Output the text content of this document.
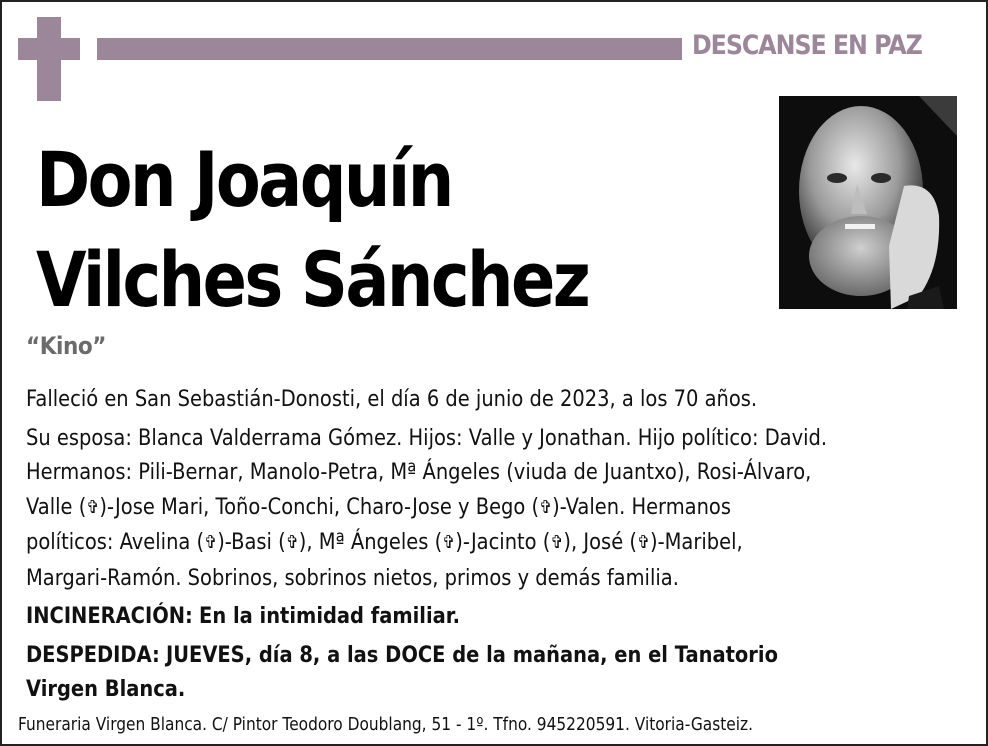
DESCANSE EN PAZ
Don Joaquín
Vilches Sánchez
“Kino”

Falleció en San Sebastián-Donosti, el día 6 de junio de 2023, a los 70 años.

Su esposa: Blanca Valderrama Gómez. Hijos: Valle y Jonathan. Hijo político: David.

Hermanos: Pili-Bernar, Manolo-Petra, Mª Ángeles (viuda de Juantxo), Rosi-Álvaro,

Valle (✞)-Jose Mari, Toño-Conchi, Charo-Jose y Bego (✞)-Valen. Hermanos

políticos: Avelina (✞)-Basi (✞), Mª Ángeles (✞)-Jacinto (✞), José (✞)-Maribel,

Margari-Ramón. Sobrinos, sobrinos nietos, primos y demás familia.

INCINERACIÓN: En la intimidad familiar.

DESPEDIDA: JUEVES, día 8, a las DOCE de la mañana, en el Tanatorio

Virgen Blanca.

Funeraria Virgen Blanca. C/ Pintor Teodoro Doublang, 51 - 1º. Tfno. 945220591. Vitoria-Gasteiz.
